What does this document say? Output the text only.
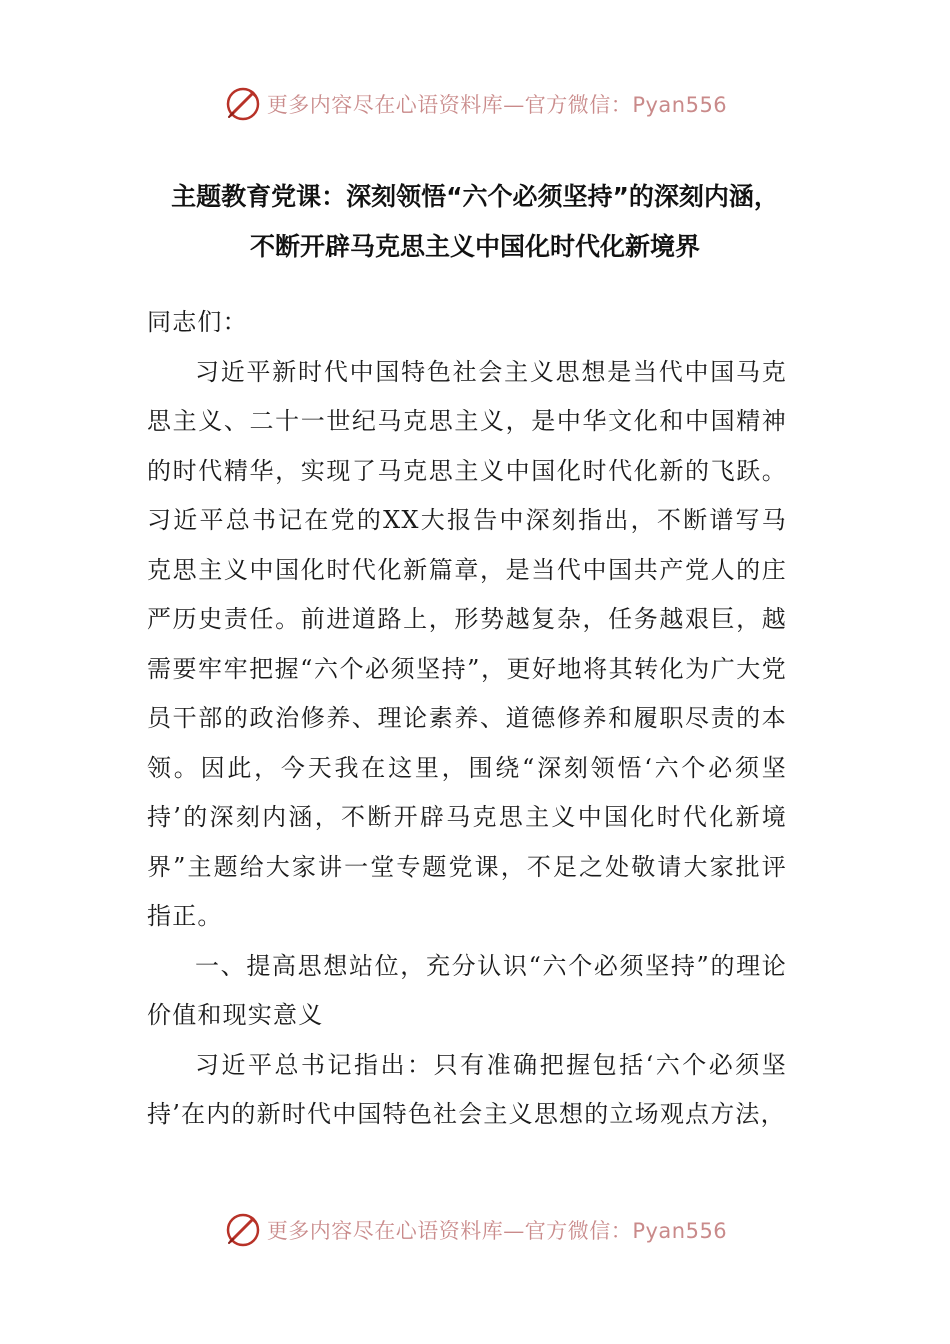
更多内容尽在心语资料库—官方微信：Pyan556
主题教育党课：深刻领悟“六个必须坚持”的深刻内涵，
不断开辟马克思主义中国化时代化新境界

同志们：

习近平新时代中国特色社会主义思想是当代中国马克思主义、二十一世纪马克思主义，是中华文化和中国精神的时代精华，实现了马克思主义中国化时代化新的飞跃。习近平总书记在党的XX大报告中深刻指出，不断谱写马克思主义中国化时代化新篇章，是当代中国共产党人的庄严历史责任。前进道路上，形势越复杂，任务越艰巨，越需要牢牢把握“六个必须坚持”，更好地将其转化为广大党员干部的政治修养、理论素养、道德修养和履职尽责的本领。因此，今天我在这里，围绕“深刻领悟‘六个必须坚持’的深刻内涵，不断开辟马克思主义中国化时代化新境界”主题给大家讲一堂专题党课，不足之处敬请大家批评指正。

一、提高思想站位，充分认识“六个必须坚持”的理论价值和现实意义

习近平总书记指出：只有准确把握包括‘六个必须坚持’在内的新时代中国特色社会主义思想的立场观点方法，

更多内容尽在心语资料库—官方微信：Pyan556
